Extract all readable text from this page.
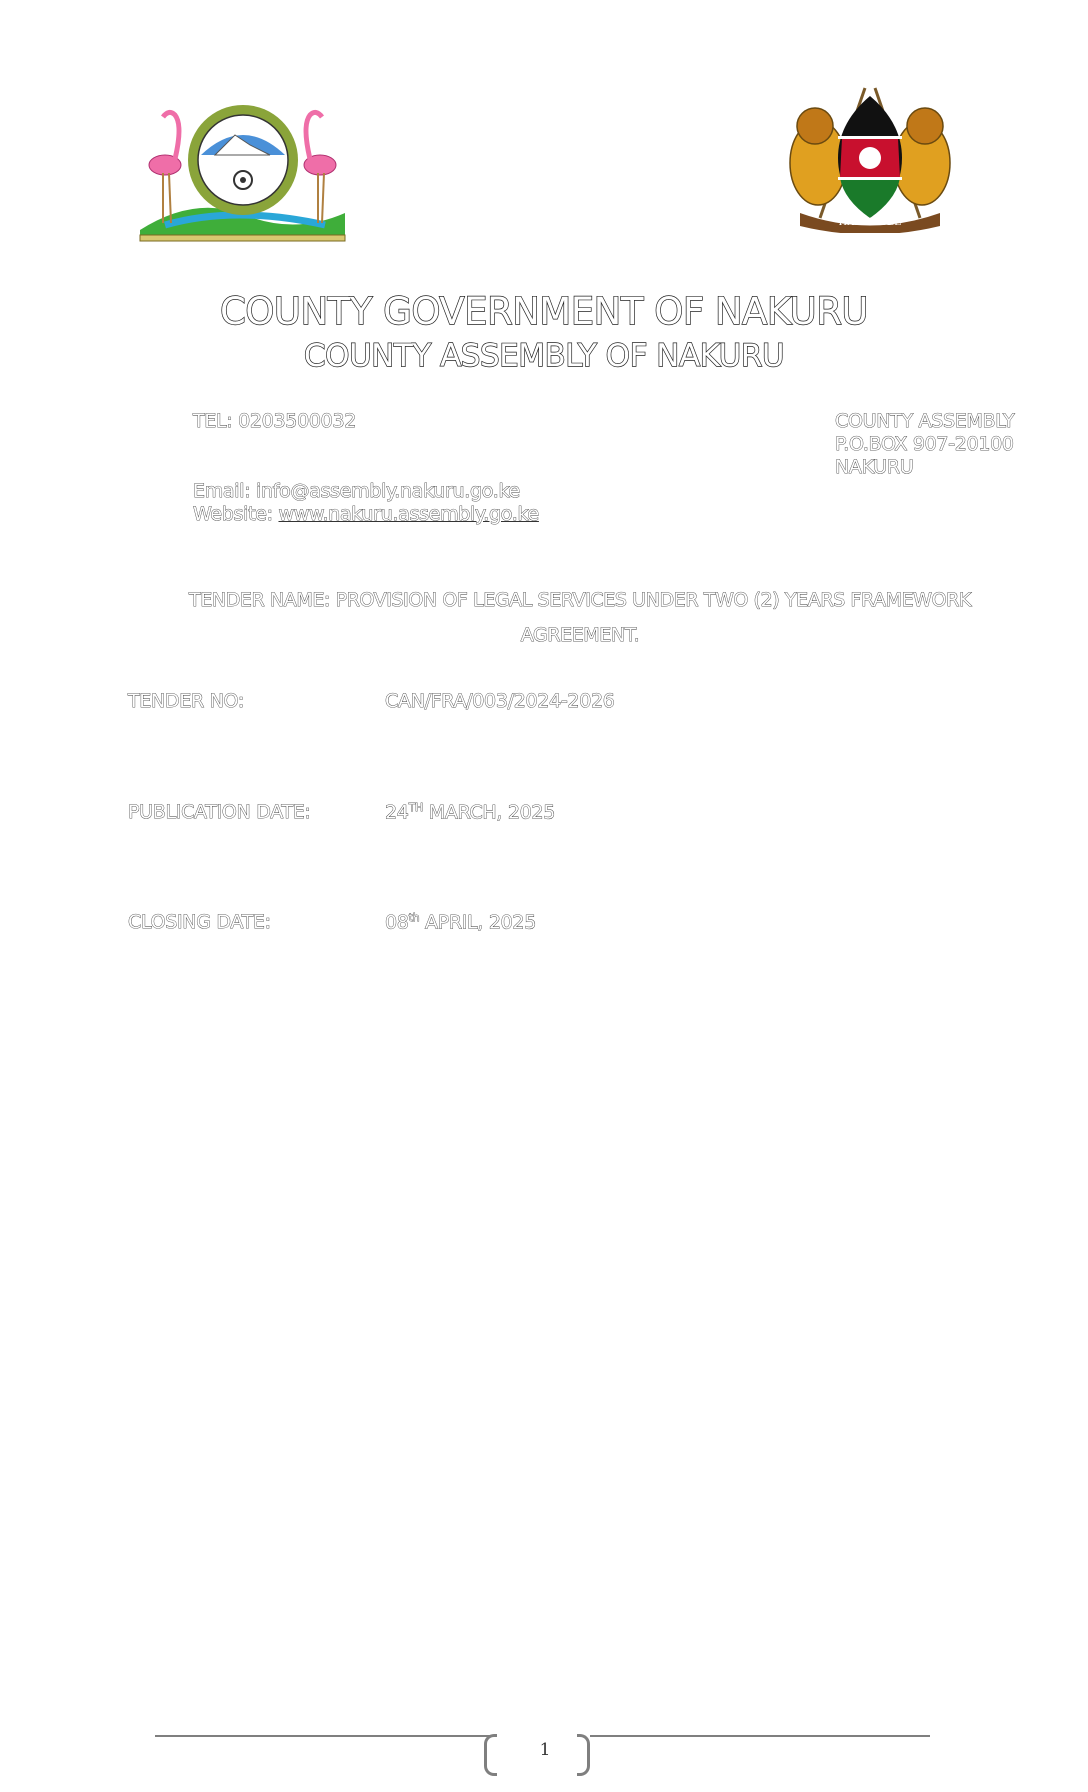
HARAMBEE
COUNTY GOVERNMENT OF NAKURU
COUNTY ASSEMBLY OF NAKURU
TEL: 0203500032	COUNTY ASSEMBLY
P.O.BOX 907-20100
NAKURU
Email: info@assembly.nakuru.go.ke
Website: www.nakuru.assembly.go.ke
TENDER NAME: PROVISION OF LEGAL SERVICES UNDER TWO (2) YEARS FRAMEWORK
AGREEMENT.
TENDER NO:	CAN/FRA/003/2024-2026
PUBLICATION DATE:	24TH MARCH, 2025
CLOSING DATE:	08th APRIL, 2025
1
